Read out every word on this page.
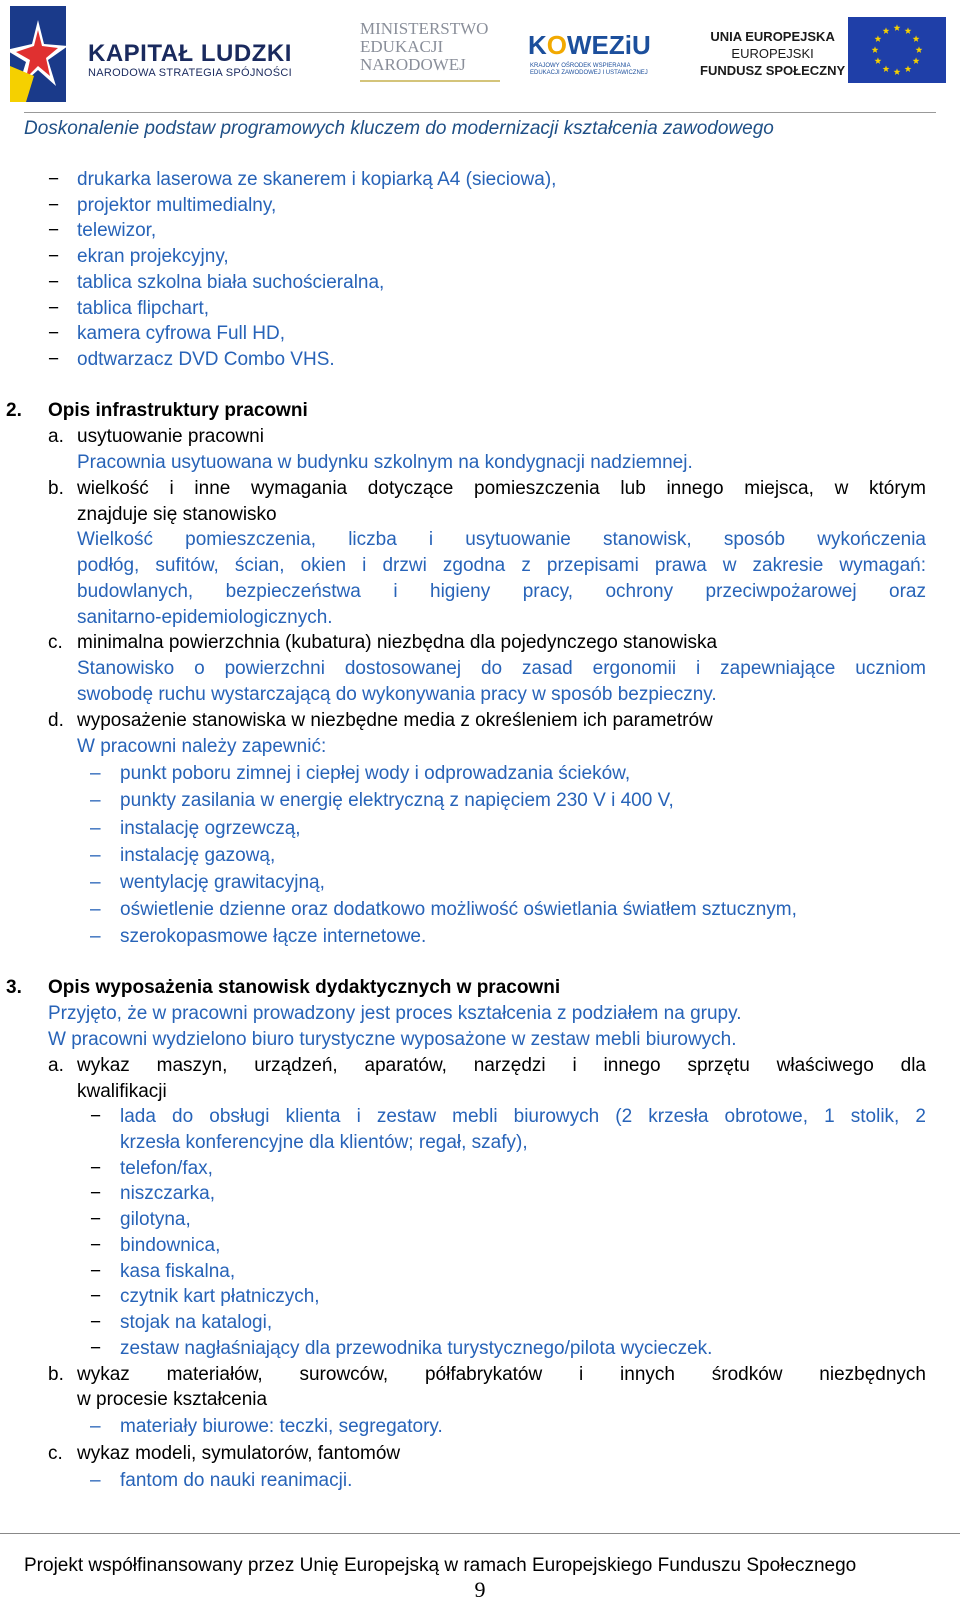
KAPITAŁ LUDZKI
NARODOWA STRATEGIA SPÓJNOŚCI
MINISTERSTWO
EDUKACJI
NARODOWEJ
KOWEZiU
KRAJOWY OŚRODEK WSPIERANIA
EDUKACJI ZAWODOWEJ I USTAWICZNEJ
UNIA EUROPEJSKA
EUROPEJSKI
FUNDUSZ SPOŁECZNY
Doskonalenie podstaw programowych kluczem do modernizacji kształcenia zawodowego
− drukarka laserowa ze skanerem i kopiarką A4 (sieciowa),
− projektor multimedialny,
− telewizor,
− ekran projekcyjny,
− tablica szkolna biała suchościeralna,
− tablica flipchart,
− kamera cyfrowa Full HD,
− odtwarzacz DVD Combo VHS.
2. Opis infrastruktury pracowni
a. usytuowanie pracowni
Pracownia usytuowana w budynku szkolnym na kondygnacji nadziemnej.
b. wielkość i inne wymagania dotyczące pomieszczenia lub innego miejsca, w którym
znajduje się stanowisko
Wielkość pomieszczenia, liczba i usytuowanie stanowisk, sposób wykończenia
podłóg, sufitów, ścian, okien i drzwi zgodna z przepisami prawa w zakresie wymagań:
budowlanych, bezpieczeństwa i higieny pracy, ochrony przeciwpożarowej oraz
sanitarno-epidemiologicznych.
c. minimalna powierzchnia (kubatura) niezbędna dla pojedynczego stanowiska
Stanowisko o powierzchni dostosowanej do zasad ergonomii i zapewniające uczniom
swobodę ruchu wystarczającą do wykonywania pracy w sposób bezpieczny.
d. wyposażenie stanowiska w niezbędne media z określeniem ich parametrów
W pracowni należy zapewnić:
– punkt poboru zimnej i ciepłej wody i odprowadzania ścieków,
– punkty zasilania w energię elektryczną z napięciem 230 V i 400 V,
– instalację ogrzewczą,
– instalację gazową,
– wentylację grawitacyjną,
– oświetlenie dzienne oraz dodatkowo możliwość oświetlania światłem sztucznym,
– szerokopasmowe łącze internetowe.
3. Opis wyposażenia stanowisk dydaktycznych w pracowni
Przyjęto, że w pracowni prowadzony jest proces kształcenia z podziałem na grupy.
W pracowni wydzielono biuro turystyczne wyposażone w zestaw mebli biurowych.
a. wykaz maszyn, urządzeń, aparatów, narzędzi i innego sprzętu właściwego dla
kwalifikacji
− lada do obsługi klienta i zestaw mebli biurowych (2 krzesła obrotowe, 1 stolik, 2
krzesła konferencyjne dla klientów; regał, szafy),
− telefon/fax,
− niszczarka,
− gilotyna,
− bindownica,
− kasa fiskalna,
− czytnik kart płatniczych,
− stojak na katalogi,
− zestaw nagłaśniający dla przewodnika turystycznego/pilota wycieczek.
b. wykaz materiałów, surowców, półfabrykatów i innych środków niezbędnych
w procesie kształcenia
– materiały biurowe: teczki, segregatory.
c. wykaz modeli, symulatorów, fantomów
– fantom do nauki reanimacji.
Projekt współfinansowany przez Unię Europejską w ramach Europejskiego Funduszu Społecznego
9
